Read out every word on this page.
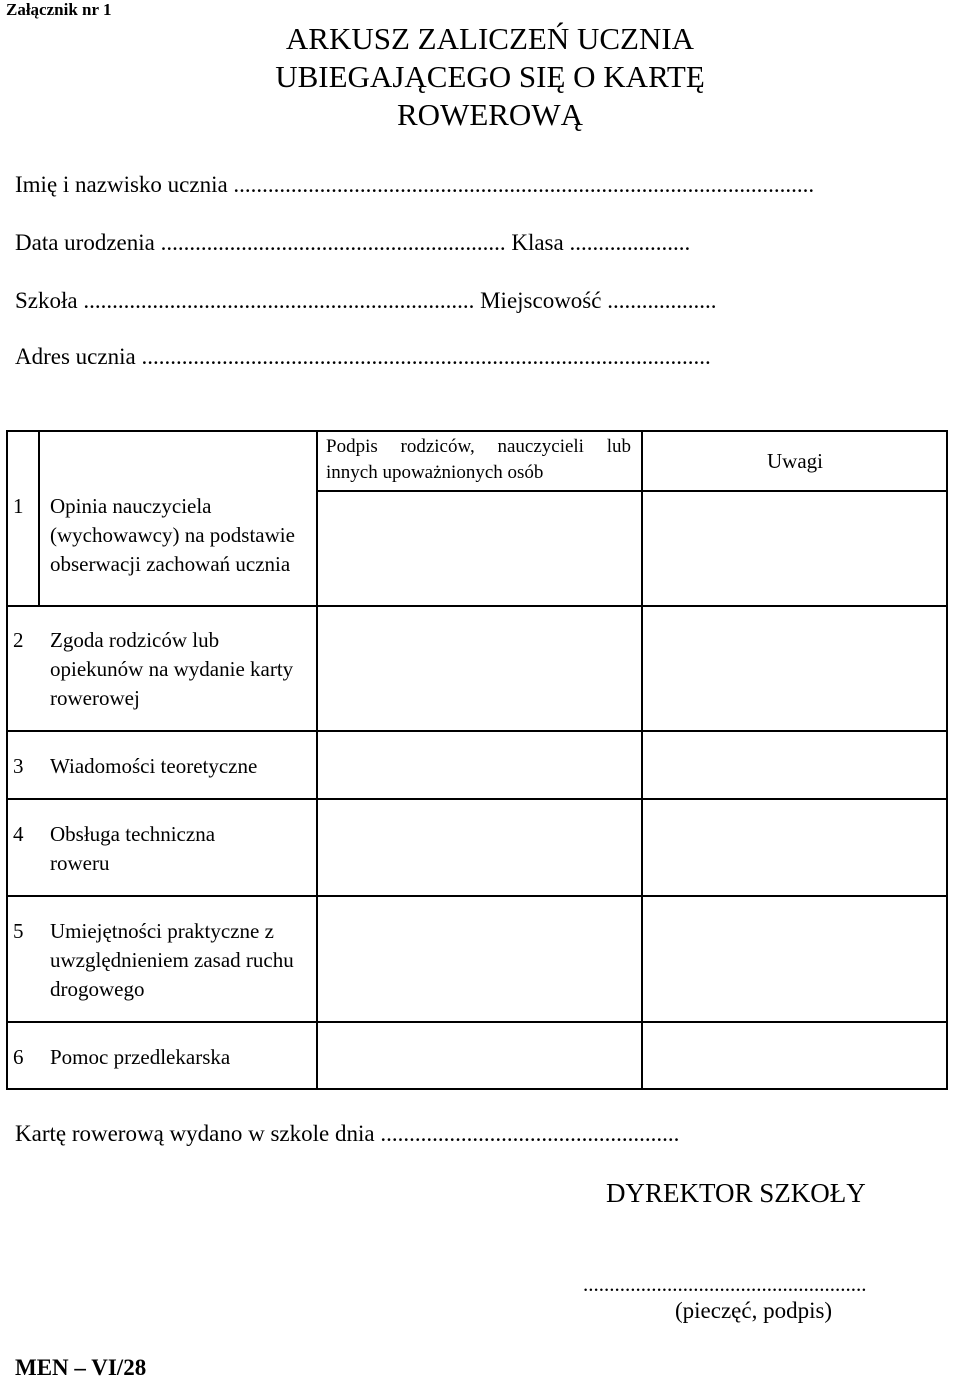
Załącznik nr 1
ARKUSZ ZALICZEŃ UCZNIA
UBIEGAJĄCEGO SIĘ O KARTĘ
ROWEROWĄ
Imię i nazwisko ucznia .....................................................................................................
Data urodzenia ............................................................ Klasa .....................
Szkoła .................................................................... Miejscowość ...................
Adres ucznia ...................................................................................................
Podpis rodziców, nauczycieli lub innych upoważnionych osób	Uwagi
1 Opinia nauczyciela (wychowawcy) na podstawie obserwacji zachowań ucznia
2 Zgoda rodziców lub opiekunów na wydanie karty rowerowej
3 Wiadomości teoretyczne
4 Obsługa techniczna roweru
5 Umiejętności praktyczne z uwzględnieniem zasad ruchu drogowego
6 Pomoc przedlekarska
Kartę rowerową wydano w szkole dnia ....................................................
DYREKTOR SZKOŁY
......................................................
(pieczęć, podpis)
MEN – VI/28
